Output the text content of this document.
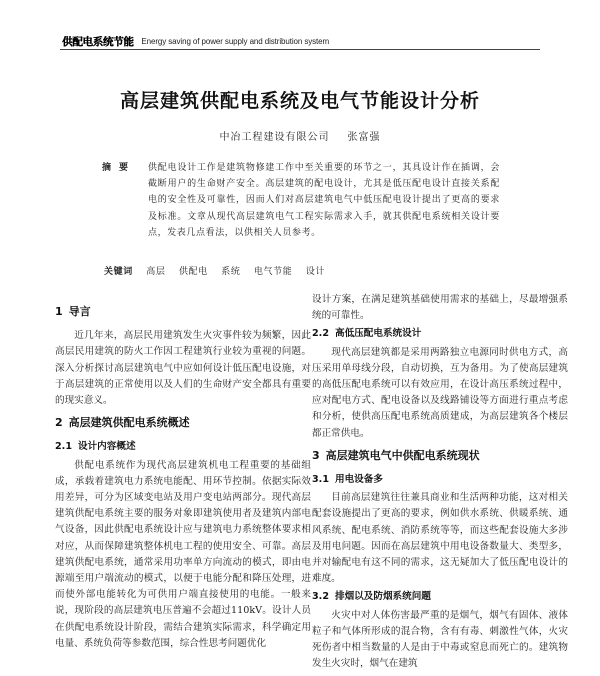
供配电系统节能 Energy saving of power supply and distribution system
高层建筑供配电系统及电气节能设计分析
中冶工程建设有限公司 张富强
摘要 供配电设计工作是建筑物修建工作中至关重要的环节之一，其具设计作在插调，会截断用户的生命财产安全。高层建筑的配电设计，尤其是低压配电设计直接关系配电的安全性及可靠性，因而人们对高层建筑电气中低压配电设计提出了更高的要求及标准。文章从现代高层建筑电气工程实际需求入手，就其供配电系统相关设计要点，发表几点看法，以供相关人员参考。
关键词 高层 供配电 系统 电气节能 设计
1 导言

近几年来，高层民用建筑发生火灾事件较为频繁，因此高层民用建筑的防火工作因工程建筑行业较为重视的问题。深入分析探讨高层建筑电气中应如何设计低压配电设施，对于高层建筑的正常使用以及人们的生命财产安全都具有重要的现实意义。

2 高层建筑供配电系统概述
2.1 设计内容概述

供配电系统作为现代高层建筑机电工程重要的基础组成，承载着建筑电力系统电能配、用环节控制。依据实际效用差异，可分为区域变电站及用户变电站两部分。现代高层建筑供配电系统主要的服务对象即建筑使用者及建筑内部电气设备，因此供配电系统设计应与建筑电力系统整体要求相对应，从而保障建筑整体机电工程的使用安全、可靠。高层建筑供配电系统，通常采用功率单方向流动的模式，即由电源端至用户端流动的模式，以便于电能分配和降压处理，进而使外部电能转化为可供用户端直接使用的电能。一般来说，现阶段的高层建筑电压普遍不会超过110kV。设计人员在供配电系统设计阶段，需结合建筑实际需求，科学确定用电量、系统负荷等参数范围，综合性思考问题优化

设计方案，在满足建筑基础使用需求的基础上，尽最增强系统的可靠性。

2.2 高低压配电系统设计

现代高层建筑都是采用两路独立电源同时供电方式，高压采用单母线分段，自动切换，互为备用。为了使高层建筑的高低压配电系统可以有效应用，在设计高压系统过程中，应对配电方式、配电设备以及线路铺设等方面进行重点考虑和分析，使供高压配电系统高质建成，为高层建筑各个楼层都正常供电。

3 高层建筑电气中供配电系统现状
3.1 用电设备多

目前高层建筑往往兼具商业和生活两种功能，这对相关配套设施提出了更高的要求，例如供水系统、供暖系统、通风系统、配电系统、消防系统等等，而这些配套设施大多涉及用电问题。因而在高层建筑中用电设备数量大、类型多，并对输配电有这不同的需求，这无疑加大了低压配电设计的难度。

3.2 排烟以及防烟系统问题

火灾中对人体伤害最严重的是烟气，烟气有固体、液体粒子和气体所形成的混合物，含有有毒、刺激性气体，火灾死伤者中相当数量的人是由于中毒或窒息而死亡的。建筑物发生火灾时，烟气在建筑
